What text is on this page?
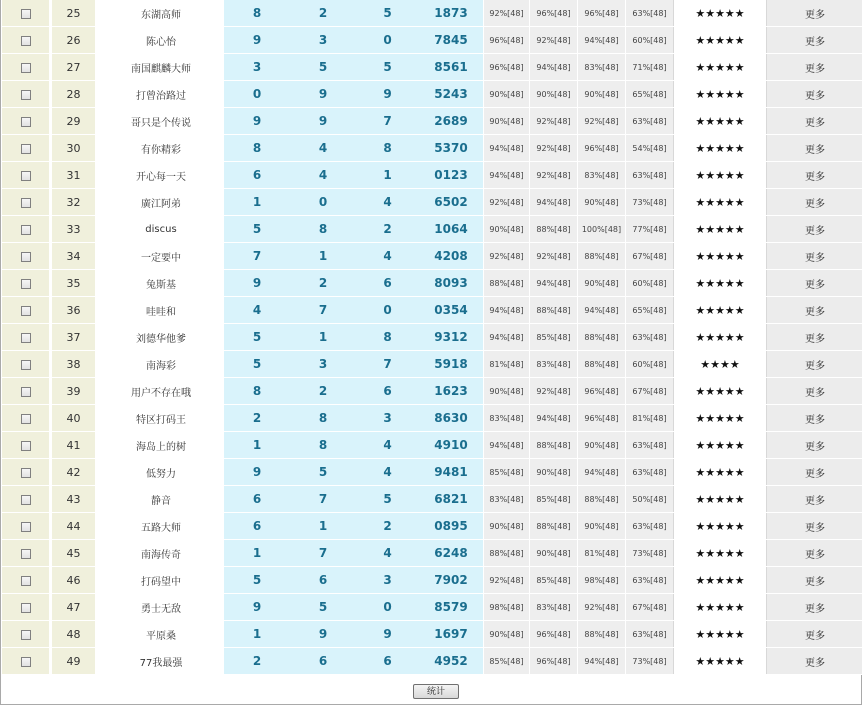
		25		东湖高师	8	2	5	1873	92%[48]	96%[48]	96%[48]	63%[48]	★★★★★	更多
		26		陈心怡	9	3	0	7845	96%[48]	92%[48]	94%[48]	60%[48]	★★★★★	更多
		27		南国麒麟大师	3	5	5	8561	96%[48]	94%[48]	83%[48]	71%[48]	★★★★★	更多
		28		打曾治路过	0	9	9	5243	90%[48]	90%[48]	90%[48]	65%[48]	★★★★★	更多
		29		哥只是个传说	9	9	7	2689	90%[48]	92%[48]	92%[48]	63%[48]	★★★★★	更多
		30		有你精彩	8	4	8	5370	94%[48]	92%[48]	96%[48]	54%[48]	★★★★★	更多
		31		开心每一天	6	4	1	0123	94%[48]	92%[48]	83%[48]	63%[48]	★★★★★	更多
		32		廣江阿弟	1	0	4	6502	92%[48]	94%[48]	90%[48]	73%[48]	★★★★★	更多
		33		discus	5	8	2	1064	90%[48]	88%[48]	100%[48]	77%[48]	★★★★★	更多
		34		一定要中	7	1	4	4208	92%[48]	92%[48]	88%[48]	67%[48]	★★★★★	更多
		35		兔斯基	9	2	6	8093	88%[48]	94%[48]	90%[48]	60%[48]	★★★★★	更多
		36		哇哇和	4	7	0	0354	94%[48]	88%[48]	94%[48]	65%[48]	★★★★★	更多
		37		刘德华他爹	5	1	8	9312	94%[48]	85%[48]	88%[48]	63%[48]	★★★★★	更多
		38		南海彩	5	3	7	5918	81%[48]	83%[48]	88%[48]	60%[48]	★★★★	更多
		39		用户不存在哦	8	2	6	1623	90%[48]	92%[48]	96%[48]	67%[48]	★★★★★	更多
		40		特区打码王	2	8	3	8630	83%[48]	94%[48]	96%[48]	81%[48]	★★★★★	更多
		41		海岛上的树	1	8	4	4910	94%[48]	88%[48]	90%[48]	63%[48]	★★★★★	更多
		42		低努力	9	5	4	9481	85%[48]	90%[48]	94%[48]	63%[48]	★★★★★	更多
		43		静音	6	7	5	6821	83%[48]	85%[48]	88%[48]	50%[48]	★★★★★	更多
		44		五路大师	6	1	2	0895	90%[48]	88%[48]	90%[48]	63%[48]	★★★★★	更多
		45		南海传奇	1	7	4	6248	88%[48]	90%[48]	81%[48]	73%[48]	★★★★★	更多
		46		打码望中	5	6	3	7902	92%[48]	85%[48]	98%[48]	63%[48]	★★★★★	更多
		47		勇士无敌	9	5	0	8579	98%[48]	83%[48]	92%[48]	67%[48]	★★★★★	更多
		48		平原桑	1	9	9	1697	90%[48]	96%[48]	88%[48]	63%[48]	★★★★★	更多
		49		77我最强	2	6	6	4952	85%[48]	96%[48]	94%[48]	73%[48]	★★★★★	更多
统计
